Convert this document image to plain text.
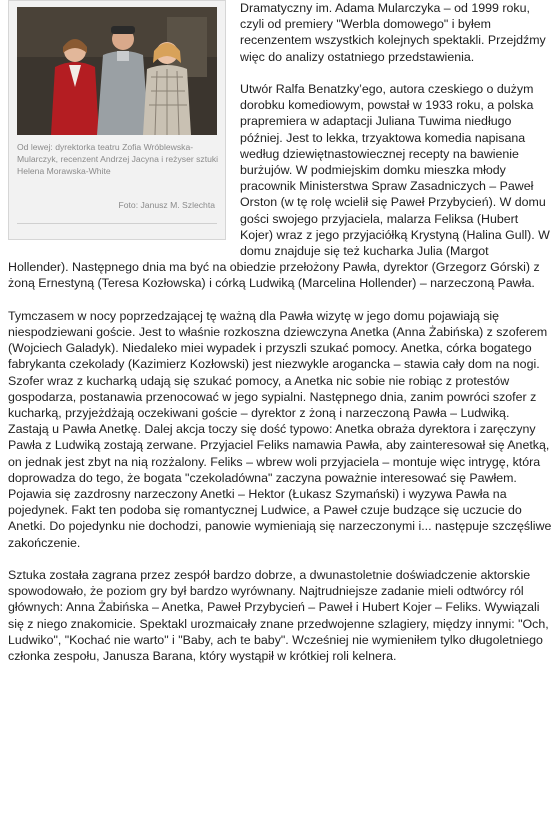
Od lewej: dyrektorka teatru Zofia Wróblewska-Mularczyk, recenzent Andrzej Jacyna i reżyser sztuki Helena Morawska-White
Foto: Janusz M. Szlechta

Dramatyczny im. Adama Mularczyka – od 1999 roku, czyli od premiery "Werbla domowego" i byłem recenzentem wszystkich kolejnych spektakli. Przejdźmy więc do analizy ostatniego przedstawienia.

Utwór Ralfa Benatzky’ego, autora czeskiego o dużym dorobku komediowym, powstał w 1933 roku, a polska prapremiera w adaptacji Juliana Tuwima niedługo później. Jest to lekka, trzyaktowa komedia napisana według dziewiętnastowiecznej recepty na bawienie burżujów. W podmiejskim domku mieszka młody pracownik Ministerstwa Spraw Zasadniczych – Paweł Orston (w tę rolę wcielił się Paweł Przybycień). W domu gości swojego przyjaciela, malarza Feliksa (Hubert Kojer) wraz z jego przyjaciółką Krystyną (Halina Gull). W domu znajduje się też kucharka Julia (Margot Hollender). Następnego dnia ma być na obiedzie przełożony Pawła, dyrektor (Grzegorz Górski) z żoną Ernestyną (Teresa Kozłowska) i córką Ludwiką (Marcelina Hollender) – narzeczoną Pawła.

Tymczasem w nocy poprzedzającej tę ważną dla Pawła wizytę w jego domu pojawiają się niespodziewani goście. Jest to właśnie rozkoszna dziewczyna Anetka (Anna Żabińska) z szoferem (Wojciech Galadyk). Niedaleko miei wypadek i przyszli szukać pomocy. Anetka, córka bogatego fabrykanta czekolady (Kazimierz Kozłowski) jest niezwykle arogancka – stawia cały dom na nogi. Szofer wraz z kucharką udają się szukać pomocy, a Anetka nic sobie nie robiąc z protestów gospodarza, postanawia przenocować w jego sypialni. Następnego dnia, zanim powróci szofer z kucharką, przyjeżdżają oczekiwani goście – dyrektor z żoną i narzeczoną Pawła – Ludwiką. Zastają u Pawła Anetkę. Dalej akcja toczy się dość typowo: Anetka obraża dyrektora i zaręczyny Pawła z Ludwiką zostają zerwane. Przyjaciel Feliks namawia Pawła, aby zainteresował się Anetką, on jednak jest zbyt na nią rozżalony. Feliks – wbrew woli przyjaciela – montuje więc intrygę, która doprowadza do tego, że bogata "czekoladówna" zaczyna poważnie interesować się Pawłem. Pojawia się zazdrosny narzeczony Anetki – Hektor (Łukasz Szymański) i wyzywa Pawła na pojedynek. Fakt ten podoba się romantycznej Ludwice, a Paweł czuje budzące się uczucie do Anetki. Do pojedynku nie dochodzi, panowie wymieniają się narzeczonymi i... następuje szczęśliwe zakończenie.

Sztuka została zagrana przez zespół bardzo dobrze, a dwunastoletnie doświadczenie aktorskie spowodowało, że poziom gry był bardzo wyrównany. Najtrudniejsze zadanie mieli odtwórcy ról głównych: Anna Żabińska – Anetka, Paweł Przybycień – Paweł i Hubert Kojer – Feliks. Wywiązali się z niego znakomicie. Spektakl urozmaicały znane przedwojenne szlagiery, między innymi: "Och, Ludwiko", "Kochać nie warto" i "Baby, ach te baby". Wcześniej nie wymieniłem tylko długoletniego członka zespołu, Janusza Barana, który wystąpił w krótkiej roli kelnera.
